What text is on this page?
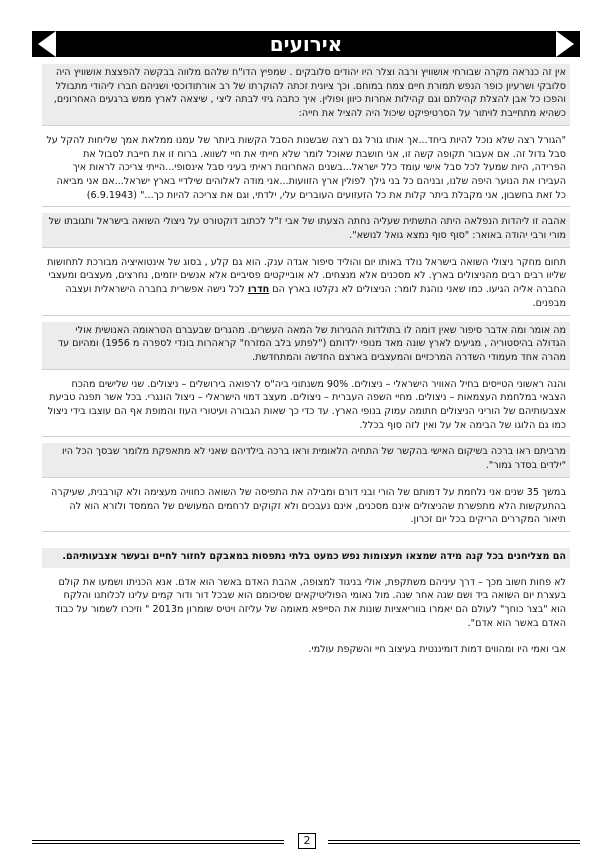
אירועים

אין זה כנראה מקרה שבורחי אושוויץ ורבה וצלר היו יהודים סלובקים . שמפיץ הדו"ח שלהם מלווה בבקשה להפצצת אושוויץ היה סלובקי ושרעיון כופר הנפש תמורת חיים צמח במוחם. וכך ציונית זכתה להוקרתו של רב אורתודוכסי ושניהם חברו ליהודי מתבולל והפכו כל אבן להצלת קהילתם וגם קהילות אחרות כיוון ופולין. איך כתבה גיזי לבתה ליצי , שיצאה לארץ ממש ברגעים האחרונים, כשהיא מתחייבת לויתור על הסרטיפיקט שיכול היה להציל את חייה:

"הגורל רצה שלא נוכל להיות ביחד...אך אותו גורל גם רצה שבשנות הסבל הקשות ביותר של עמנו ממלאת אמך שליחות להקל על סבל גדול זה. אם אעבור תקופה קשה זו, אני חושבת שאוכל לומר שלא חייתי את חיי לשווא. ברוח זו את חייבת לסבול את הפרידה, היות שמעל לכל סבל אישי עומד כלל ישראל...בשנים האחרונות ראיתי בעיני סבל אינסופי...הייתי צריכה לראות איך העבירו את הנוער היפה שלנו, ובניהם כל בני גילך לפולין ארץ הזוועות...אני מודה לאלוהים שילדיי בארץ ישראל...אם אני מביאה כל זאת בחשבון, אני מקבלת ביתר קלות את כל הזעזועים העוברים עלי, ילדתי, וגם את צריכה להיות כך..." (6.9.1943)

אהבה זו ליהדות הנפלאה היתה התשתית שעליה נחתה הצעתו של אבי ז"ל לכתוב דוקטורט על ניצולי השואה בישראל ותגובתו של מורי ורבי יהודה באואר: "סוף סוף נמצא גואל לנושא".

תחום מחקר ניצולי השואה בישראל נולד באותו יום והוליד סיפור אגדה ענק. הוא גם קלע , בסוג של אינטואיציה מבורכת לתחושות שליוו רבים רבים מהניצולים בארץ. לא מסכנים אלא מנצחים. לא אובייקטים פסיביים אלא אנשים יוזמים, נחרצים, מעצבים ומעצבי החברה אליה הגיעו. כמו שאני נוהגת לומר: הניצולים לא נקלטו בארץ הם חדרו לכל נישה אפשרית בחברה הישראלית ועצבה מבפנים.

מה אומר ומה אדבר סיפור שאין דומה לו בתולדות ההגירות של המאה העשרים. מהגרים שבעברם הטראומה האנושית אולי הגדולה בהיסטוריה , מגיעים לארץ שונה מאד מנופי ילדותם ("לפתע בלב המזרח" קראהרות בונדי לספרה מ 1956) ומהיום עד מהרה אחד מעמודי השדרה המרכזיים והמעצבים בארצם החדשה והמתחדשת.

והנה ראשוני הטייסים בחיל האוויר הישראלי – ניצולים. 90% משנתוני ביה"ס לרפואה בירושלים – ניצולים. שני שלישים מהכח הצבאי במלחמת העצמאות – ניצולים. מחיי השפה העברית – ניצולים. מעצב דמוי הישראלי – ניצול הונגרי. בכל אשר תפנה טביעת אצבעותיהם של הוריני הניצולים חתומה עמוק בנופי הארץ. עד כדי כך שאות הגבורה ועיטורי העוז והמופת אף הם עוצבו בידי ניצול כמו גם הלוגו של הבימה אל על ואין לזה סוף בכלל.

מרביתם ראו ברכה בשיקום האישי בהקשר של התחיה הלאומית וראו ברכה בילדיהם שאני לא מתאפקת מלומר שבסך הכל היו "ילדים בסדר גמור".

במשך 35 שנים אני נלחמת על דמותם של הורי ובני דורם ומבילה את התפיסה של השואה כחוויה מעצימה ולא קורבנית, שעיקרה בהתעקשות הלא מתפשרת שהניצולים אינם מסכנים, אינם נעבכים ולא זקוקים לרחמים המעושים של הממסד ולזרא הוא לה תיאור המקררים הריקים בכל יום זכרון.

הם מצליחנים בכל קנה מידה שמצאו תעצומות נפש כמעט בלתי נתפסות במאבקם לחזור לחיים ובעשר אצבעותיהם.

לא פחות חשוב מכך – דרך עיניהם משתקפת, אולי בניגוד למצופה, אהבת האדם באשר הוא אדם. אנא הכניתו ושמעו את קולם בעצרת יום השואה ביד ושם שנה אחר שנה. מול נאומי הפוליטיקאים שסיכומם הוא שבכל דור ודור קמים עלינו לכלותנו והלקח הוא "בצר כוחך" לעולם הם יאמרו בווריאציות שונות את הסייפא מאומה של עליזה ויטיס שומרון מ2013 " וזיכרו לשמור על כבוד האדם באשר הוא אדם".

אבי ואמי היו ומהווים דמות דומיננטית בעיצוב חיי והשקפת עולמי.

2
